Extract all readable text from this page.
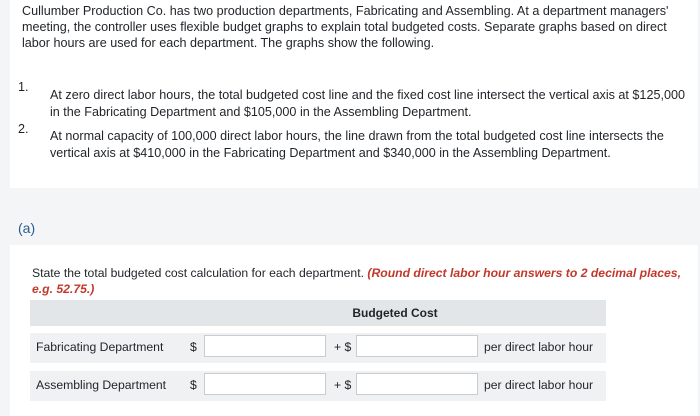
Cullumber Production Co. has two production departments, Fabricating and Assembling. At a department managers' meeting, the controller uses flexible budget graphs to explain total budgeted costs. Separate graphs based on direct labor hours are used for each department. The graphs show the following.
1.
At zero direct labor hours, the total budgeted cost line and the fixed cost line intersect the vertical axis at $125,000 in the Fabricating Department and $105,000 in the Assembling Department.
2. At normal capacity of 100,000 direct labor hours, the line drawn from the total budgeted cost line intersects the vertical axis at $410,000 in the Fabricating Department and $340,000 in the Assembling Department.
(a)
State the total budgeted cost calculation for each department. (Round direct labor hour answers to 2 decimal places, e.g. 52.75.)
Budgeted Cost
Fabricating Department $	+ $	per direct labor hour
Assembling Department $	+ $	per direct labor hour
